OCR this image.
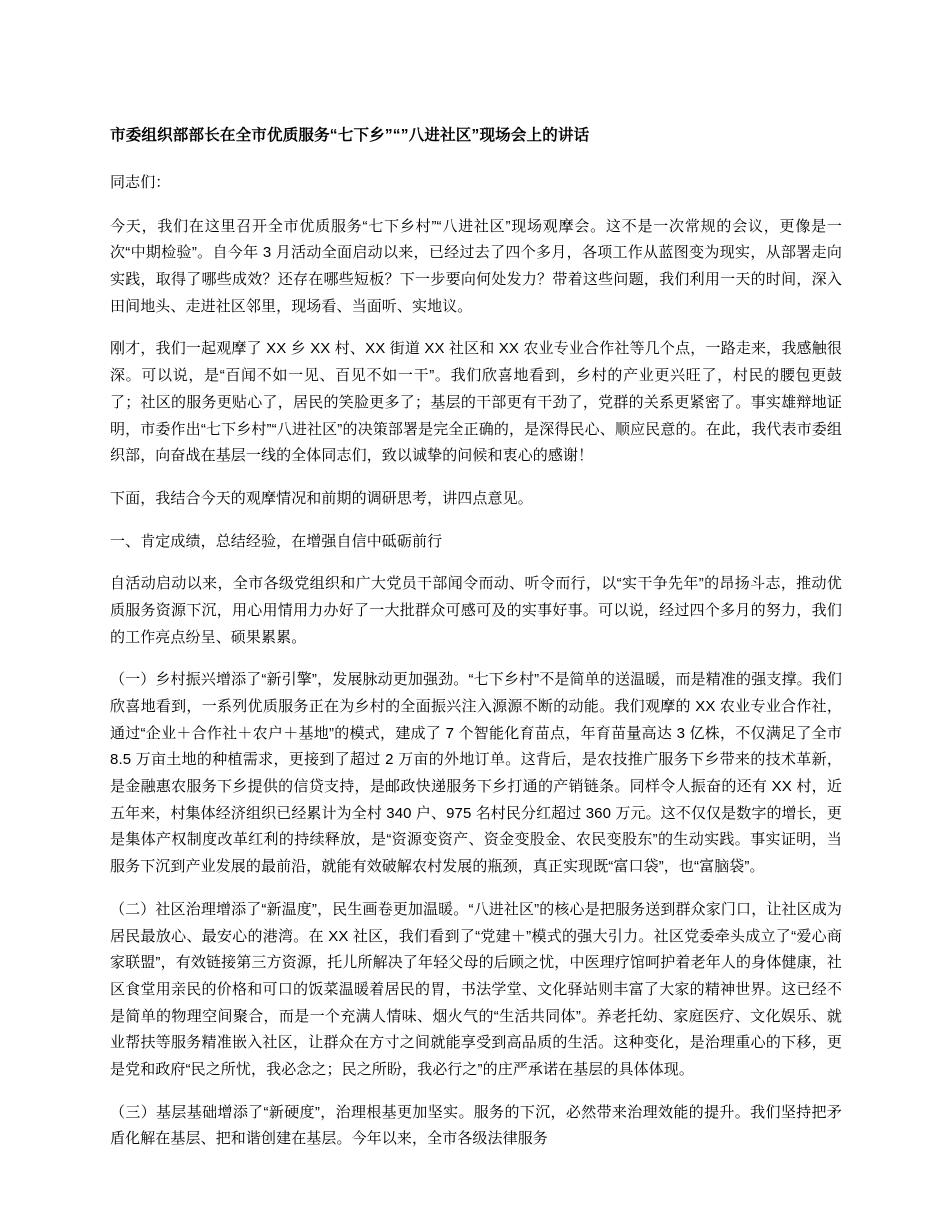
市委组织部部长在全市优质服务“七下乡”“”八进社区”现场会上的讲话

同志们：

今天，我们在这里召开全市优质服务“七下乡村”“八进社区”现场观摩会。这不是一次常规的会议，更像是一次“中期检验”。自今年 3 月活动全面启动以来，已经过去了四个多月，各项工作从蓝图变为现实，从部署走向实践，取得了哪些成效？还存在哪些短板？下一步要向何处发力？带着这些问题，我们利用一天的时间，深入田间地头、走进社区邻里，现场看、当面听、实地议。

刚才，我们一起观摩了 XX 乡 XX 村、XX 街道 XX 社区和 XX 农业专业合作社等几个点，一路走来，我感触很深。可以说，是“百闻不如一见、百见不如一干”。我们欣喜地看到，乡村的产业更兴旺了，村民的腰包更鼓了；社区的服务更贴心了，居民的笑脸更多了；基层的干部更有干劲了，党群的关系更紧密了。事实雄辩地证明，市委作出“七下乡村”“八进社区”的决策部署是完全正确的，是深得民心、顺应民意的。在此，我代表市委组织部，向奋战在基层一线的全体同志们，致以诚挚的问候和衷心的感谢！

下面，我结合今天的观摩情况和前期的调研思考，讲四点意见。

一、肯定成绩，总结经验，在增强自信中砥砺前行

自活动启动以来，全市各级党组织和广大党员干部闻令而动、听令而行，以“实干争先年”的昂扬斗志，推动优质服务资源下沉，用心用情用力办好了一大批群众可感可及的实事好事。可以说，经过四个多月的努力，我们的工作亮点纷呈、硕果累累。

（一）乡村振兴增添了“新引擎”，发展脉动更加强劲。“七下乡村”不是简单的送温暖，而是精准的强支撑。我们欣喜地看到，一系列优质服务正在为乡村的全面振兴注入源源不断的动能。我们观摩的 XX 农业专业合作社，通过“企业＋合作社＋农户＋基地”的模式，建成了 7 个智能化育苗点，年育苗量高达 3 亿株，不仅满足了全市 8.5 万亩土地的种植需求，更接到了超过 2 万亩的外地订单。这背后，是农技推广服务下乡带来的技术革新，是金融惠农服务下乡提供的信贷支持，是邮政快递服务下乡打通的产销链条。同样令人振奋的还有 XX 村，近五年来，村集体经济组织已经累计为全村 340 户、975 名村民分红超过 360 万元。这不仅仅是数字的增长，更是集体产权制度改革红利的持续释放，是“资源变资产、资金变股金、农民变股东”的生动实践。事实证明，当服务下沉到产业发展的最前沿，就能有效破解农村发展的瓶颈，真正实现既“富口袋”，也“富脑袋”。

（二）社区治理增添了“新温度”，民生画卷更加温暖。“八进社区”的核心是把服务送到群众家门口，让社区成为居民最放心、最安心的港湾。在 XX 社区，我们看到了“党建＋”模式的强大引力。社区党委牵头成立了“爱心商家联盟”，有效链接第三方资源，托儿所解决了年轻父母的后顾之忧，中医理疗馆呵护着老年人的身体健康，社区食堂用亲民的价格和可口的饭菜温暖着居民的胃，书法学堂、文化驿站则丰富了大家的精神世界。这已经不是简单的物理空间聚合，而是一个充满人情味、烟火气的“生活共同体”。养老托幼、家庭医疗、文化娱乐、就业帮扶等服务精准嵌入社区，让群众在方寸之间就能享受到高品质的生活。这种变化，是治理重心的下移，更是党和政府“民之所忧，我必念之；民之所盼，我必行之”的庄严承诺在基层的具体体现。

（三）基层基础增添了“新硬度”，治理根基更加坚实。服务的下沉，必然带来治理效能的提升。我们坚持把矛盾化解在基层、把和谐创建在基层。今年以来，全市各级法律服务
